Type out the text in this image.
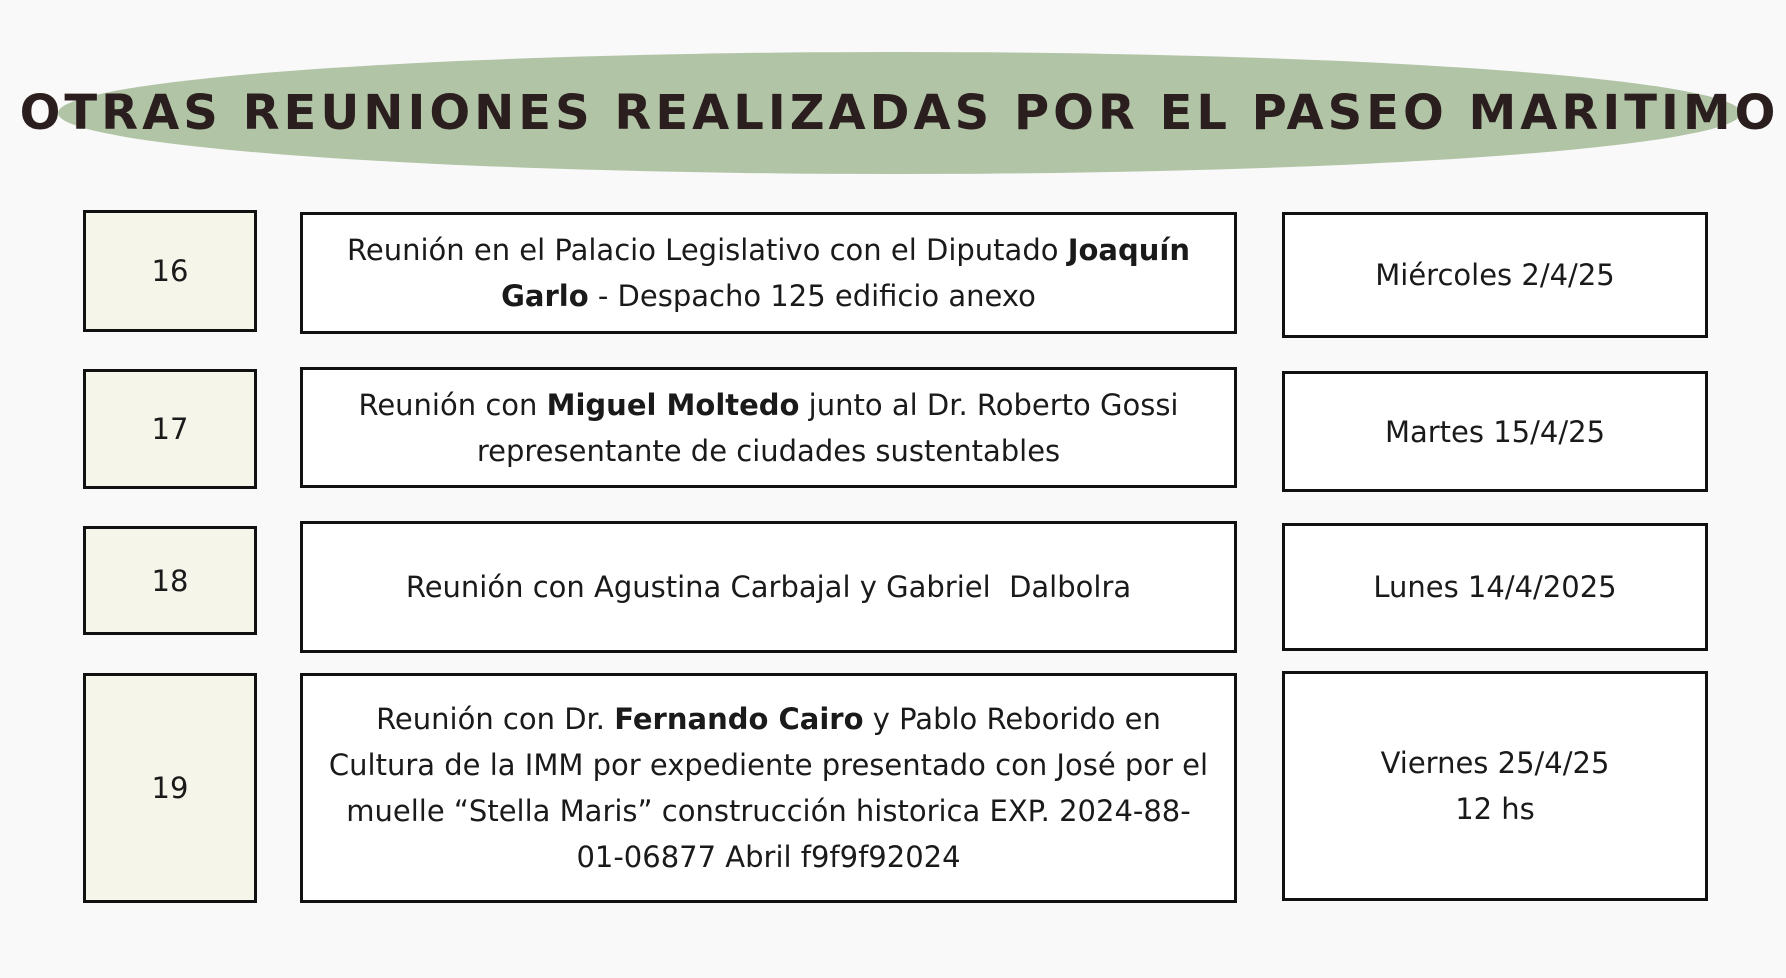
OTRAS REUNIONES REALIZADAS POR EL PASEO MARITIMO
16
Reunión en el Palacio Legislativo con el Diputado Joaquín Garlo - Despacho 125 edificio anexo
Miércoles 2/4/25
17
Reunión con Miguel Moltedo junto al Dr. Roberto Gossi representante de ciudades sustentables
Martes 15/4/25
18	Reunión con Agustina Carbajal y Gabriel  Dalbolra	Lunes 14/4/2025
19
Reunión con Dr. Fernando Cairo y Pablo Reborido en Cultura de la IMM por expediente presentado con José por el muelle “Stella Maris” construcción historica EXP. 2024-88-01-06877 Abril f9f9f92024
Viernes 25/4/25
12 hs
